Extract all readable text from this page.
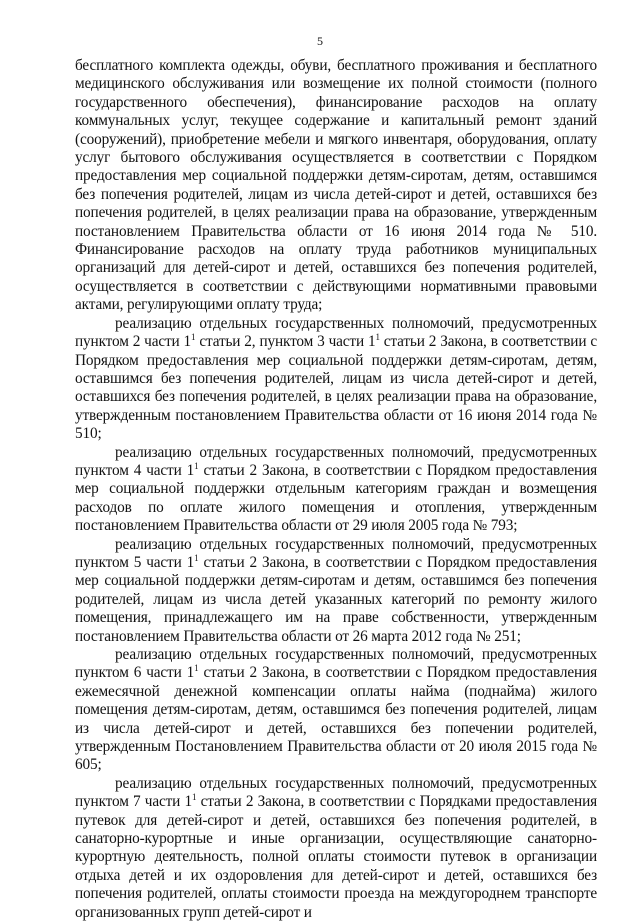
5

бесплатного комплекта одежды, обуви, бесплатного проживания и бесплатного медицинского обслуживания или возмещение их полной стоимости (полного государственного обеспечения), финансирование расходов на оплату коммунальных услуг, текущее содержание и капитальный ремонт зданий (сооружений), приобретение мебели и мягкого инвентаря, оборудования, оплату услуг бытового обслуживания осуществляется в соответствии с Порядком предоставления мер социальной поддержки детям-сиротам, детям, оставшимся без попечения родителей, лицам из числа детей-сирот и детей, оставшихся без попечения родителей, в целях реализации права на образование, утвержденным постановлением Правительства области от 16 июня 2014 года № 510. Финансирование расходов на оплату труда работников муниципальных организаций для детей-сирот и детей, оставшихся без попечения родителей, осуществляется в соответствии с действующими нормативными правовыми актами, регулирующими оплату труда;

реализацию отдельных государственных полномочий, предусмотренных пунктом 2 части $1^1$ статьи 2, пунктом 3 части $1^1$ статьи 2 Закона, в соответствии с Порядком предоставления мер социальной поддержки детям-сиротам, детям, оставшимся без попечения родителей, лицам из числа детей-сирот и детей, оставшихся без попечения родителей, в целях реализации права на образование, утвержденным постановлением Правительства области от 16 июня 2014 года № 510;

реализацию отдельных государственных полномочий, предусмотренных пунктом 4 части $1^1$ статьи 2 Закона, в соответствии с Порядком предоставления мер социальной поддержки отдельным категориям граждан и возмещения расходов по оплате жилого помещения и отопления, утвержденным постановлением Правительства области от 29 июля 2005 года № 793;

реализацию отдельных государственных полномочий, предусмотренных пунктом 5 части $1^1$ статьи 2 Закона, в соответствии с Порядком предоставления мер социальной поддержки детям-сиротам и детям, оставшимся без попечения родителей, лицам из числа детей указанных категорий по ремонту жилого помещения, принадлежащего им на праве собственности, утвержденным постановлением Правительства области от 26 марта 2012 года № 251;

реализацию отдельных государственных полномочий, предусмотренных пунктом 6 части $1^1$ статьи 2 Закона, в соответствии с Порядком предоставления ежемесячной денежной компенсации оплаты найма (поднайма) жилого помещения детям-сиротам, детям, оставшимся без попечения родителей, лицам из числа детей-сирот и детей, оставшихся без попечении родителей, утвержденным Постановлением Правительства области от 20 июля 2015 года № 605;

реализацию отдельных государственных полномочий, предусмотренных пунктом 7 части $1^1$ статьи 2 Закона, в соответствии с Порядками предоставления путевок для детей-сирот и детей, оставшихся без попечения родителей, в санаторно-курортные и иные организации, осуществляющие санаторно-курортную деятельность, полной оплаты стоимости путевок в организации отдыха детей и их оздоровления для детей-сирот и детей, оставшихся без попечения родителей, оплаты стоимости проезда на междугороднем транспорте организованных групп детей-сирот и
